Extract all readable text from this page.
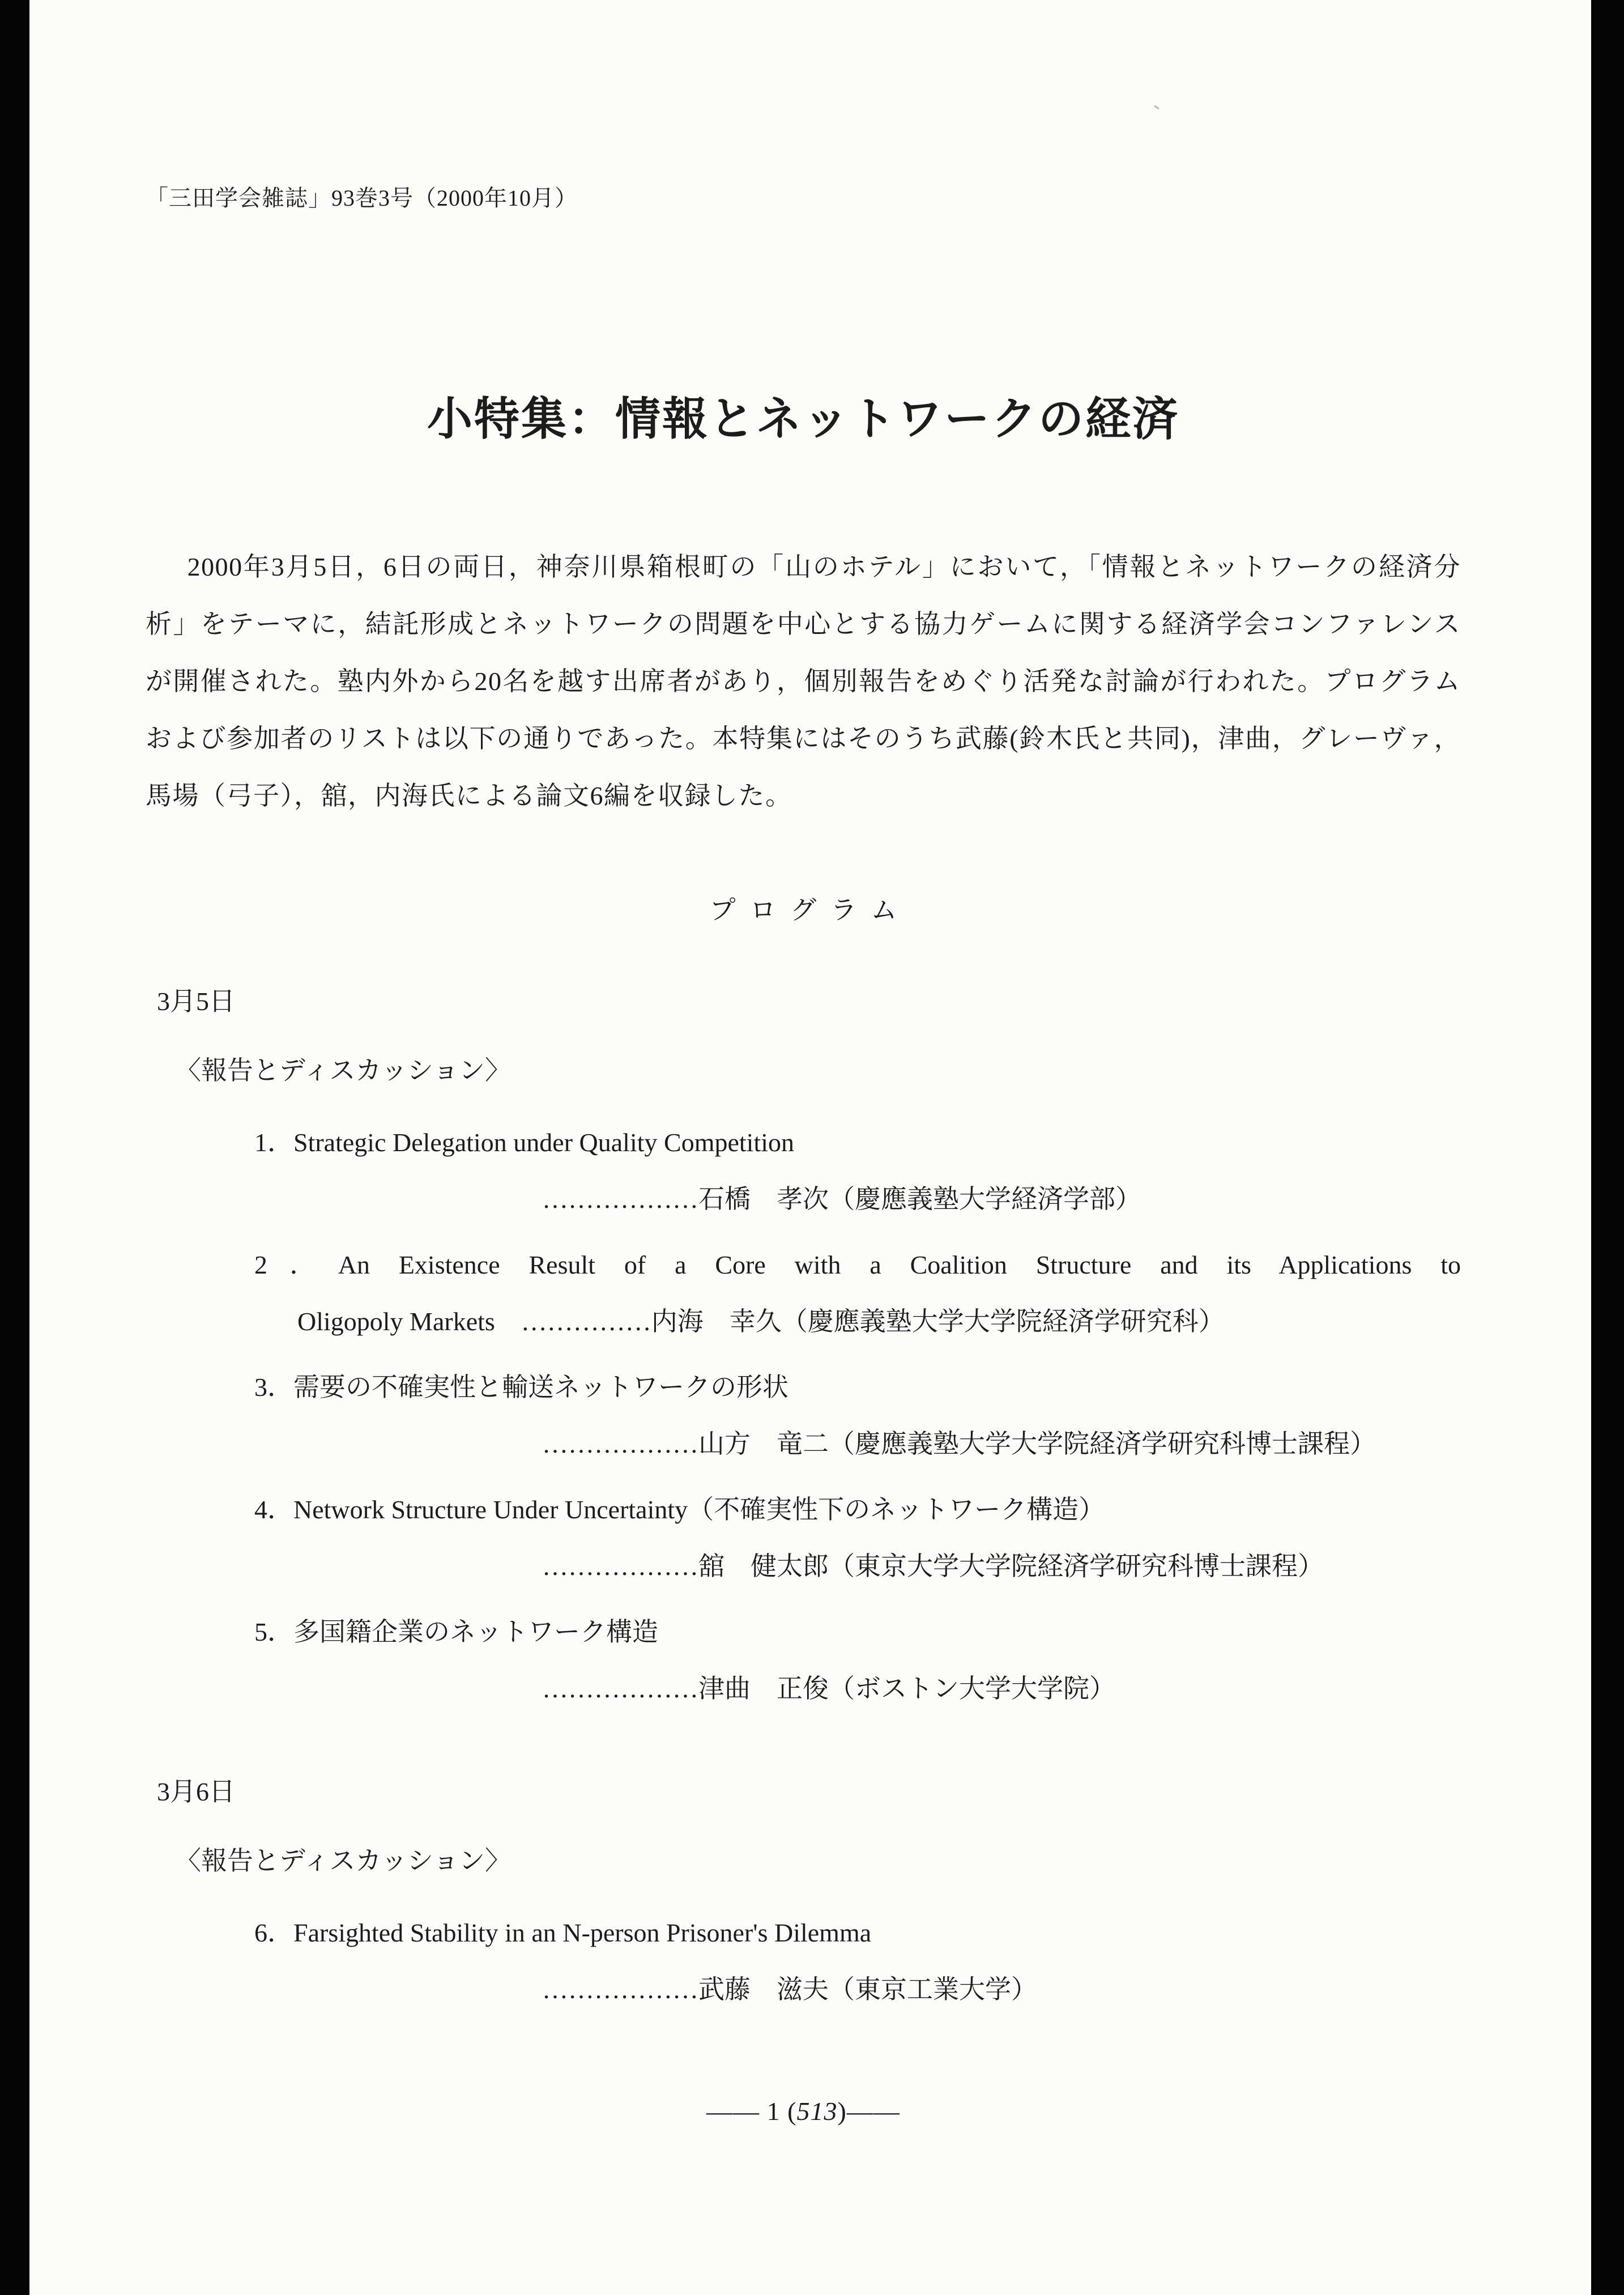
「三田学会雑誌」93巻3号（2000年10月）
小特集：情報とネットワークの経済

2000年3月5日，6日の両日，神奈川県箱根町の「山のホテル」において，「情報とネットワークの経済分析」をテーマに，結託形成とネットワークの問題を中心とする協力ゲームに関する経済学会コンファレンスが開催された。塾内外から20名を越す出席者があり，個別報告をめぐり活発な討論が行われた。プログラムおよび参加者のリストは以下の通りであった。本特集にはそのうち武藤(鈴木氏と共同)，津曲，グレーヴァ，馬場（弓子），舘，内海氏による論文6編を収録した。

プログラム
3月5日
〈報告とディスカッション〉
1．Strategic Delegation under Quality Competition
………………石橋　孝次（慶應義塾大学経済学部）
2．An Existence Result of a Core with a Coalition Structure and its Applications to
Oligopoly Markets　……………内海　幸久（慶應義塾大学大学院経済学研究科）
3．需要の不確実性と輸送ネットワークの形状
………………山方　竜二（慶應義塾大学大学院経済学研究科博士課程）
4．Network Structure Under Uncertainty（不確実性下のネットワーク構造）
………………舘　健太郎（東京大学大学院経済学研究科博士課程）
5．多国籍企業のネットワーク構造
………………津曲　正俊（ボストン大学大学院）
3月6日
〈報告とディスカッション〉
6．Farsighted Stability in an N-person Prisoner's Dilemma
………………武藤　滋夫（東京工業大学）
―― 1 (513)――
